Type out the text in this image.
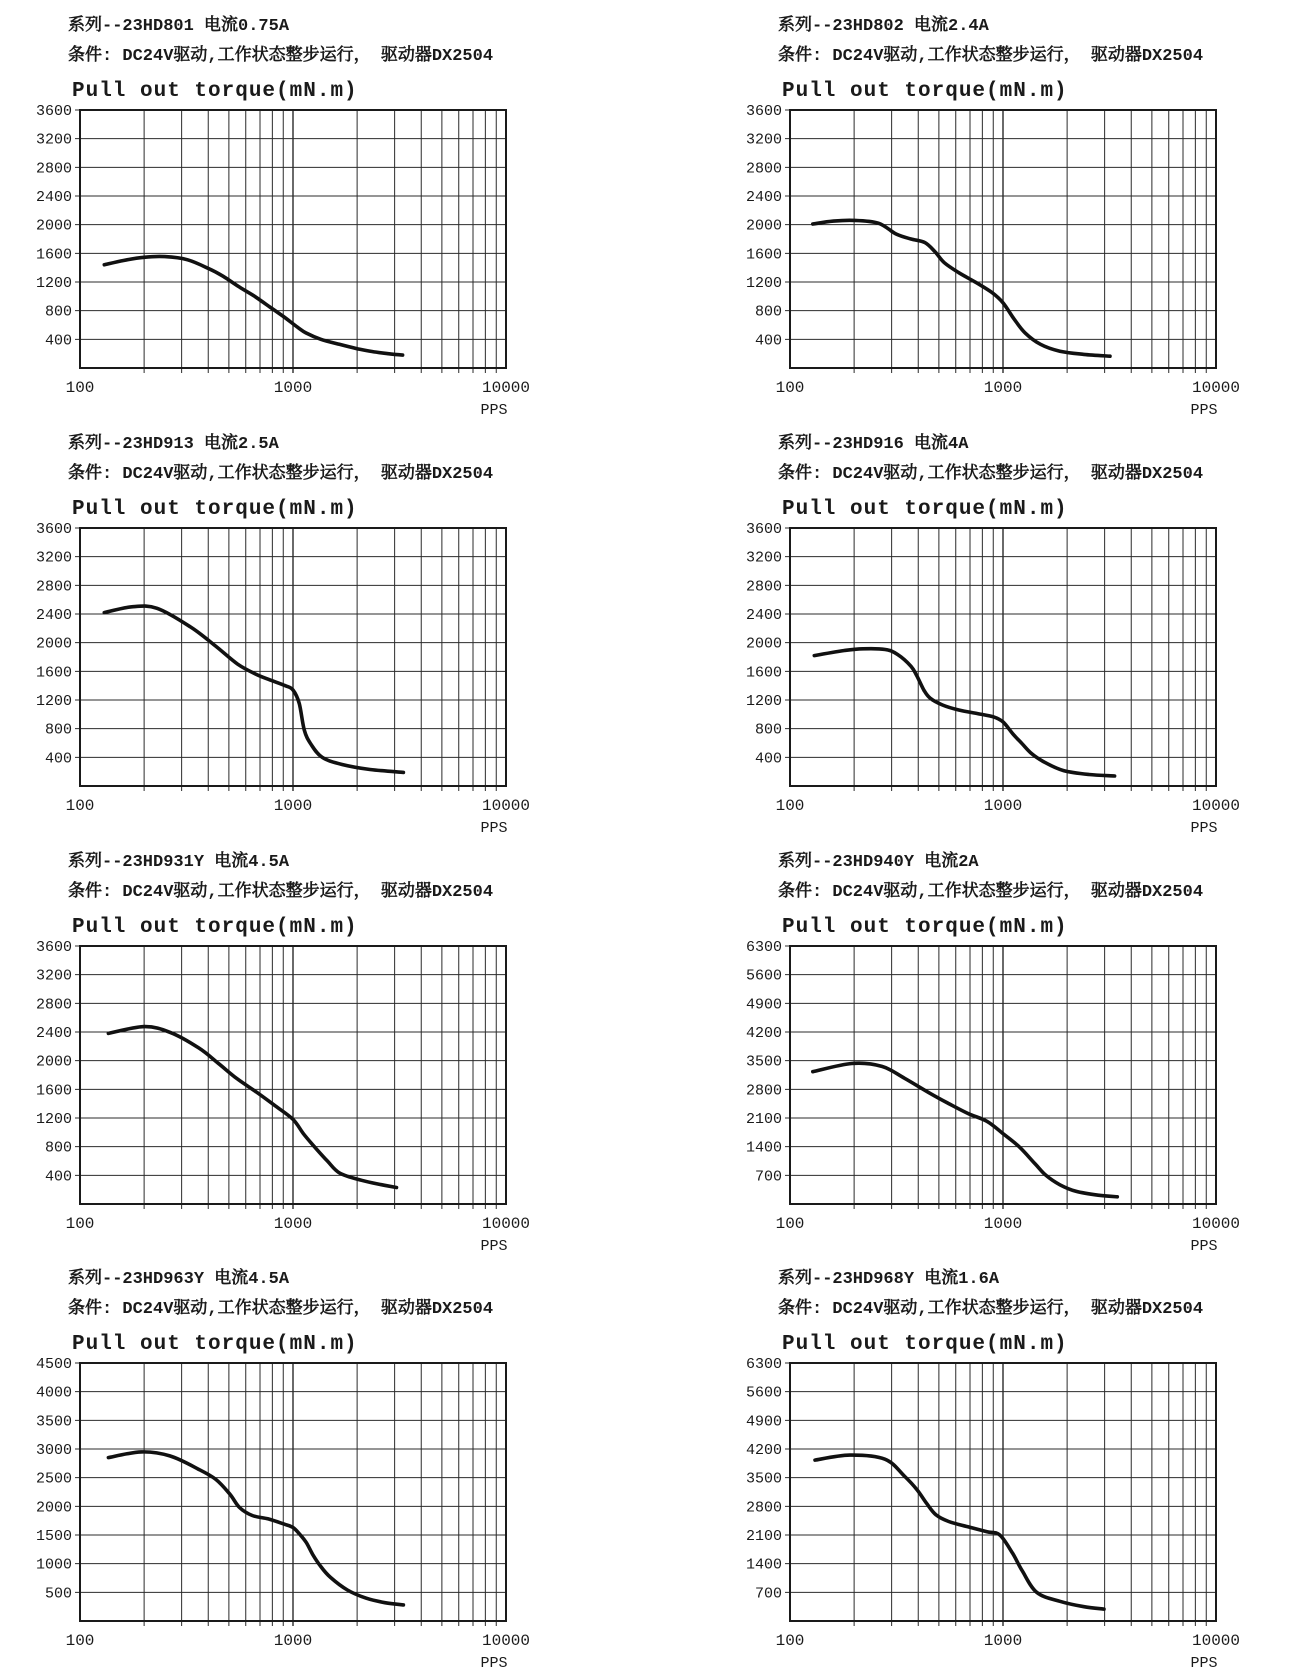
系列--23HD801 电流0.75A
条件: DC24V驱动,工作状态整步运行， 驱动器DX2504
Pull out torque(mN.m)
400
800
1200
1600
2000
2400
2800
3200
3600
100	1000	10000
PPS
系列--23HD802 电流2.4A
条件: DC24V驱动,工作状态整步运行， 驱动器DX2504
Pull out torque(mN.m)
400
800
1200
1600
2000
2400
2800
3200
3600
100	1000	10000
PPS
系列--23HD913 电流2.5A
条件: DC24V驱动,工作状态整步运行， 驱动器DX2504
Pull out torque(mN.m)
400
800
1200
1600
2000
2400
2800
3200
3600
100	1000	10000
PPS
系列--23HD916 电流4A
条件: DC24V驱动,工作状态整步运行， 驱动器DX2504
Pull out torque(mN.m)
400
800
1200
1600
2000
2400
2800
3200
3600
100	1000	10000
PPS
系列--23HD931Y 电流4.5A
条件: DC24V驱动,工作状态整步运行， 驱动器DX2504
Pull out torque(mN.m)
400
800
1200
1600
2000
2400
2800
3200
3600
100	1000	10000
PPS
系列--23HD940Y 电流2A
条件: DC24V驱动,工作状态整步运行， 驱动器DX2504
Pull out torque(mN.m)
700
1400
2100
2800
3500
4200
4900
5600
6300
100	1000	10000
PPS
系列--23HD963Y 电流4.5A
条件: DC24V驱动,工作状态整步运行， 驱动器DX2504
Pull out torque(mN.m)
500
1000
1500
2000
2500
3000
3500
4000
4500
100	1000	10000
PPS
系列--23HD968Y 电流1.6A
条件: DC24V驱动,工作状态整步运行， 驱动器DX2504
Pull out torque(mN.m)
700
1400
2100
2800
3500
4200
4900
5600
6300
100	1000	10000
PPS
